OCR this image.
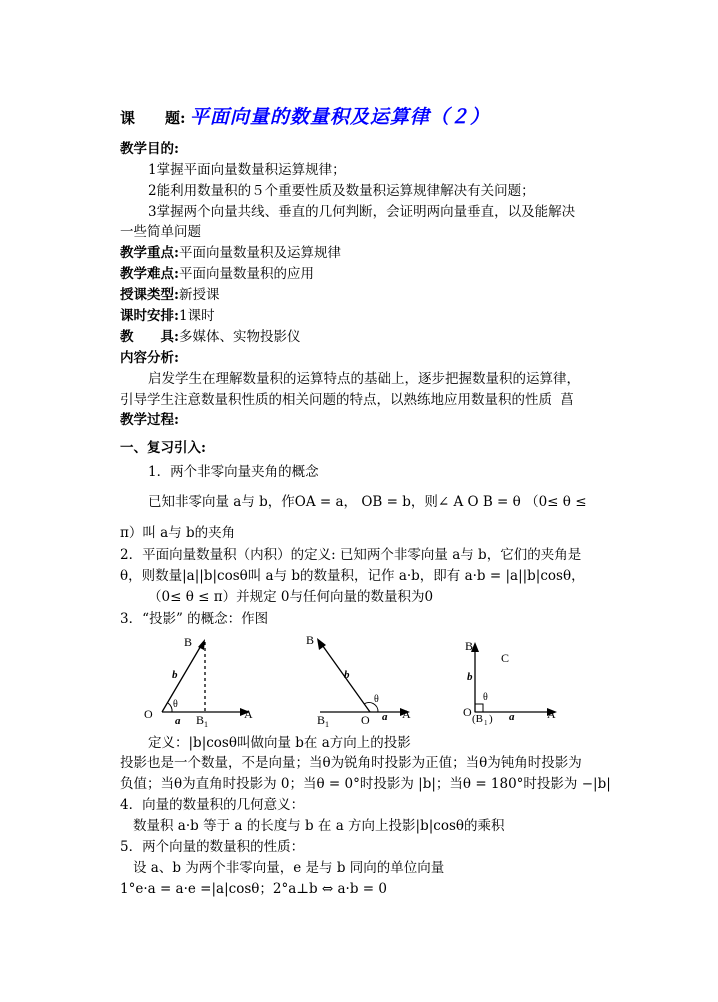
课　　题: 平面向量的数量积及运算律（２）
教学目的:
1掌握平面向量数量积运算规律；
2能利用数量积的５个重要性质及数量积运算规律解决有关问题；
3掌握两个向量共线、垂直的几何判断，会证明两向量垂直，以及能解决
一些简单问题
教学重点:平面向量数量积及运算规律
教学难点:平面向量数量积的应用
授课类型:新授课
课时安排:1课时
教　　具:多媒体、实物投影仪
内容分析:
启发学生在理解数量积的运算特点的基础上，逐步把握数量积的运算律，
引导学生注意数量积性质的相关问题的特点，以熟练地应用数量积的性质 菖
教学过程:
一、复习引入:
1．两个非零向量夹角的概念
已知非零向量 a与 b，作OA = a， OB = b，则∠ A O B = θ （0≤ θ ≤
π）叫 a与 b的夹角
2．平面向量数量积（内积）的定义: 已知两个非零向量 a与 b，它们的夹角是
θ，则数量|a||b|cosθ叫 a与 b的数量积，记作 a·b，即有 a·b = |a||b|cosθ，
（0≤ θ ≤ π）并规定 0与任何向量的数量积为0
3．“投影” 的概念：作图
B
b
θ
O a B 1
A
B
b
θ
B 1	O a A
B
C
b
θ
O (B 1 ) a	A
定义：|b|cosθ叫做向量 b在 a方向上的投影
投影也是一个数量，不是向量；当θ为锐角时投影为正值；当θ为钝角时投影为
负值；当θ为直角时投影为 0；当θ = 0°时投影为 |b|；当θ = 180°时投影为 −|b|
4．向量的数量积的几何意义：
数量积 a·b 等于 a 的长度与 b 在 a 方向上投影|b|cosθ的乘积
5．两个向量的数量积的性质：
设 a、b 为两个非零向量，e 是与 b 同向的单位向量
1°e·a = a·e =|a|cosθ；2°a⊥b ⇔ a·b = 0
